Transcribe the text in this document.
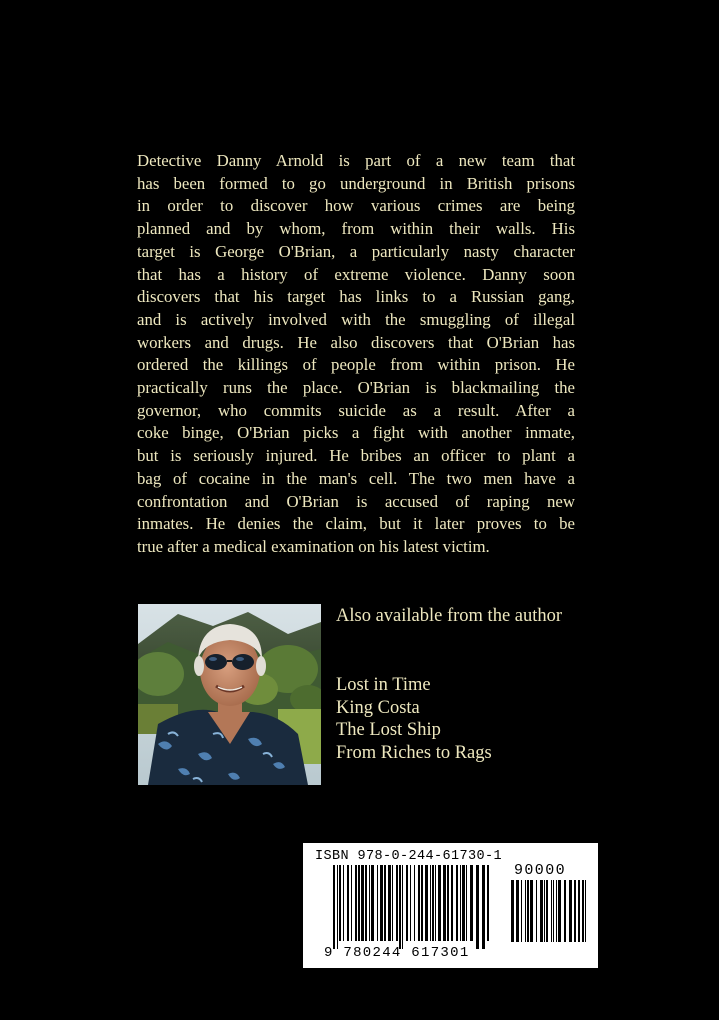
Detective Danny Arnold is part of a new team that

has been formed to go underground in British prisons

in order to discover how various crimes are being

planned and by whom, from within their walls. His

target is George O'Brian, a particularly nasty character

that has a history of extreme violence. Danny soon

discovers that his target has links to a Russian gang,

and is actively involved with the smuggling of illegal

workers and drugs. He also discovers that O'Brian has

ordered the killings of people from within prison. He

practically runs the place. O'Brian is blackmailing the

governor, who commits suicide as a result. After a

coke binge, O'Brian picks a fight with another inmate,

but is seriously injured. He bribes an officer to plant a

bag of cocaine in the man's cell. The two men have a

confrontation and O'Brian is accused of raping new

inmates. He denies the claim, but it later proves to be

true after a medical examination on his latest victim.

Also available from the author
Lost in Time
King Costa
The Lost Ship
From Riches to Rags
ISBN 978-0-244-61730-1
90000
9 780244 617301
